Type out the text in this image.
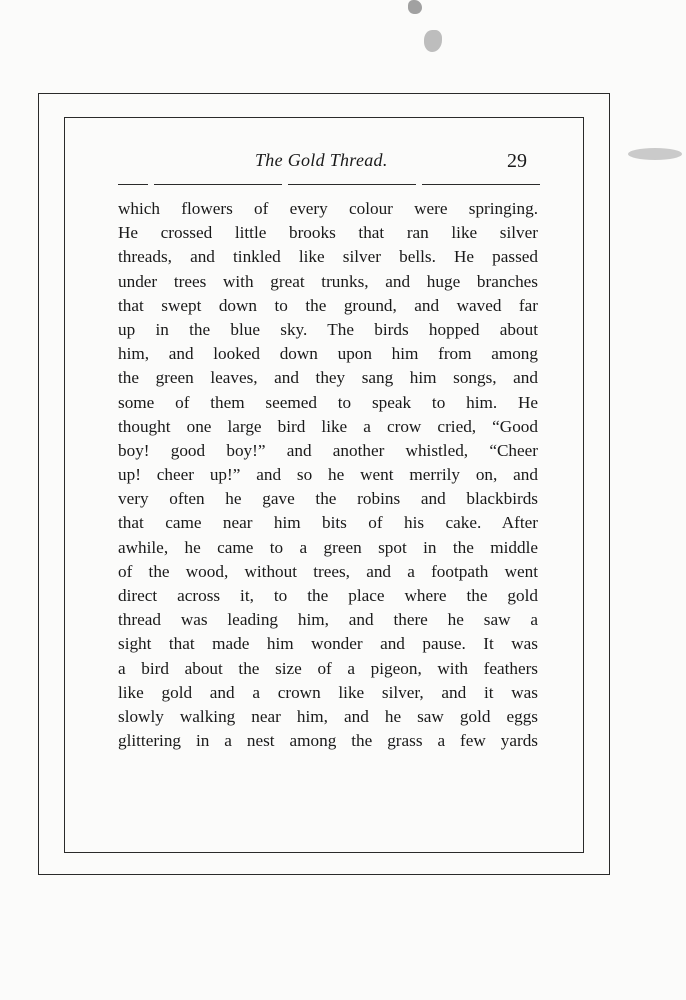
The Gold Thread.	29
which flowers of every colour were springing.
He crossed little brooks that ran like silver
threads, and tinkled like silver bells. He passed
under trees with great trunks, and huge branches
that swept down to the ground, and waved far
up in the blue sky. The birds hopped about
him, and looked down upon him from among
the green leaves, and they sang him songs, and
some of them seemed to speak to him. He
thought one large bird like a crow cried, “Good
boy! good boy!” and another whistled, “Cheer
up! cheer up!” and so he went merrily on, and
very often he gave the robins and blackbirds
that came near him bits of his cake. After
awhile, he came to a green spot in the middle
of the wood, without trees, and a footpath went
direct across it, to the place where the gold
thread was leading him, and there he saw a
sight that made him wonder and pause. It was
a bird about the size of a pigeon, with feathers
like gold and a crown like silver, and it was
slowly walking near him, and he saw gold eggs
glittering in a nest among the grass a few yards
